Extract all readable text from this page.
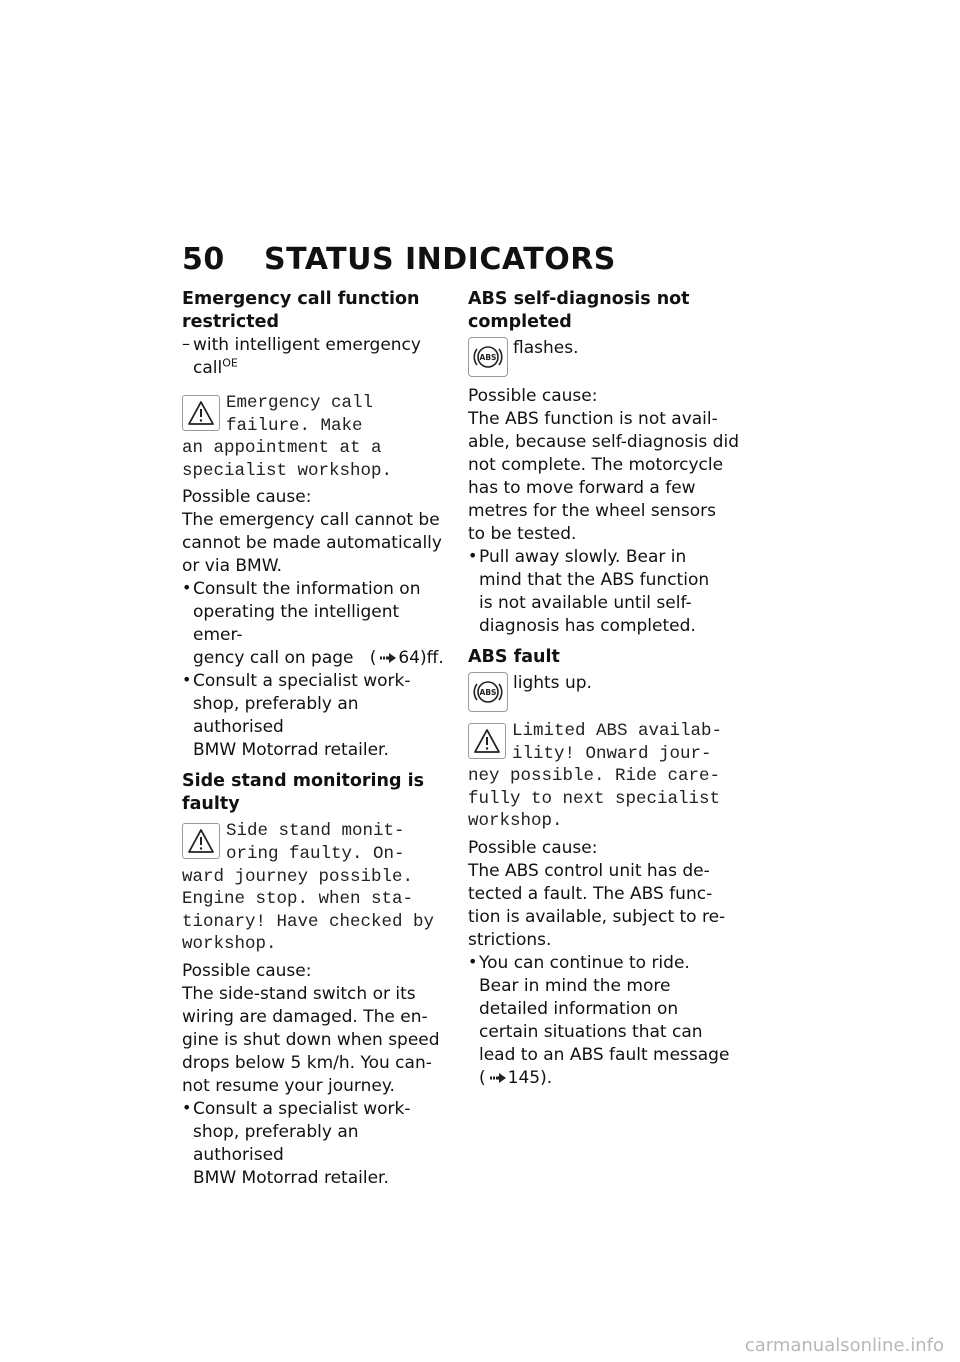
50 STATUS INDICATORS
Emergency call function
restricted
– with intelligent emergency
call$^{OE}$

Emergency call
failure. Make
an appointment at a
specialist workshop.

Possible cause:

The emergency call cannot be
cannot be made automatically
or via BMW.

• Consult the information on
operating the intelligent emer-
gency call on page ( 64)ff.

• Consult a specialist work-
shop, preferably an authorised
BMW Motorrad retailer.

Side stand monitoring is
faulty
Side stand monit-
oring faulty. On-
ward journey possible.
Engine stop. when sta-
tionary! Have checked by
workshop.

Possible cause:

The side-stand switch or its
wiring are damaged. The en-
gine is shut down when speed
drops below 5 km/h. You can-
not resume your journey.

• Consult a specialist work-
shop, preferably an authorised
BMW Motorrad retailer.

ABS self-diagnosis not
completed
ABS flashes.

Possible cause:

The ABS function is not avail-
able, because self-diagnosis did
not complete. The motorcycle
has to move forward a few
metres for the wheel sensors
to be tested.

• Pull away slowly. Bear in
mind that the ABS function
is not available until self-
diagnosis has completed.

ABS fault
ABS lights up.

Limited ABS availab-
ility! Onward jour-
ney possible. Ride care-
fully to next specialist
workshop.

Possible cause:

The ABS control unit has de-
tected a fault. The ABS func-
tion is available, subject to re-
strictions.

• You can continue to ride.
Bear in mind the more
detailed information on
certain situations that can
lead to an ABS fault message
( 145).

carmanualsonline.info
